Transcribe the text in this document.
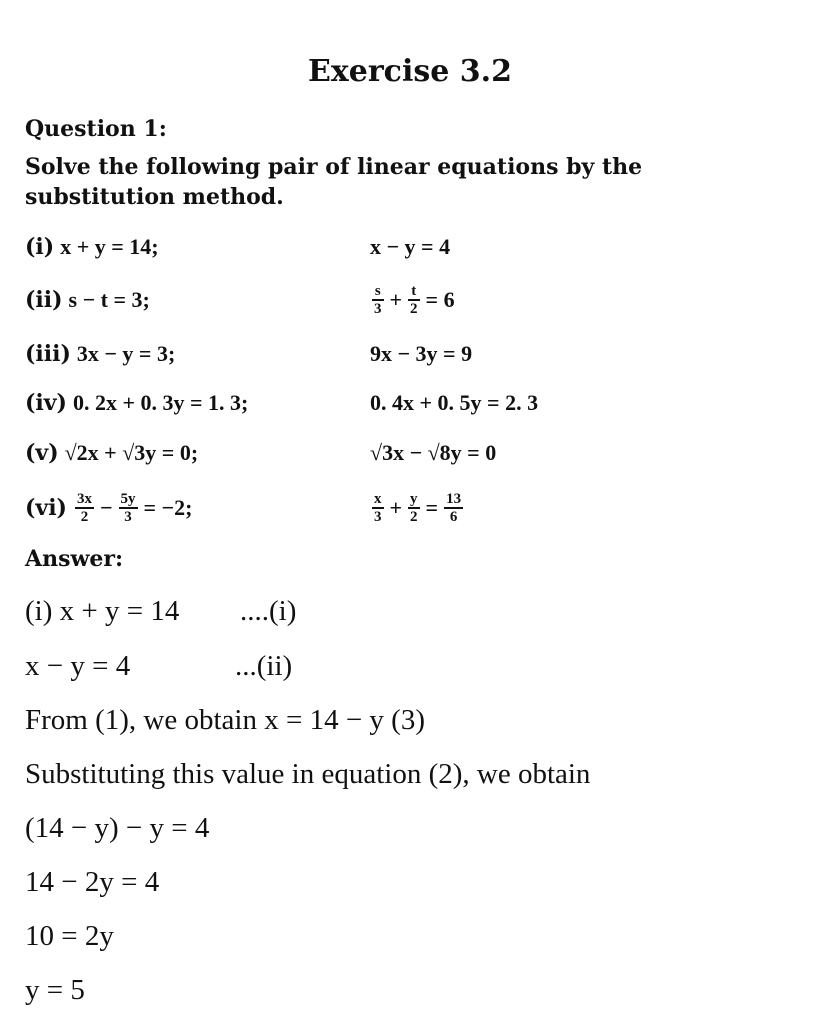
Exercise 3.2
Question 1:
Solve the following pair of linear equations by the substitution method.
(i) x + y = 14;	x − y = 4
(ii) s − t = 3;	$\frac{s}{3} + \frac{t}{2} = 6$
(iii) 3x − y = 3;	9x − 3y = 9
(iv) 0. 2x + 0. 3y = 1. 3;	0. 4x + 0. 5y = 2. 3
(v) √2x + √3y = 0;	√3x − √8y = 0
$(vi) \frac{3x}{2} - \frac{5y}{3} = -2$;	$\frac{x}{3} + \frac{y}{2} = \frac{13}{6}$
Answer:
(i) x + y = 14 ....(i)
x − y = 4	...(ii)
From (1), we obtain x = 14 − y (3)
Substituting this value in equation (2), we obtain
(14 − y) − y = 4
14 − 2y = 4
10 = 2y
y = 5
